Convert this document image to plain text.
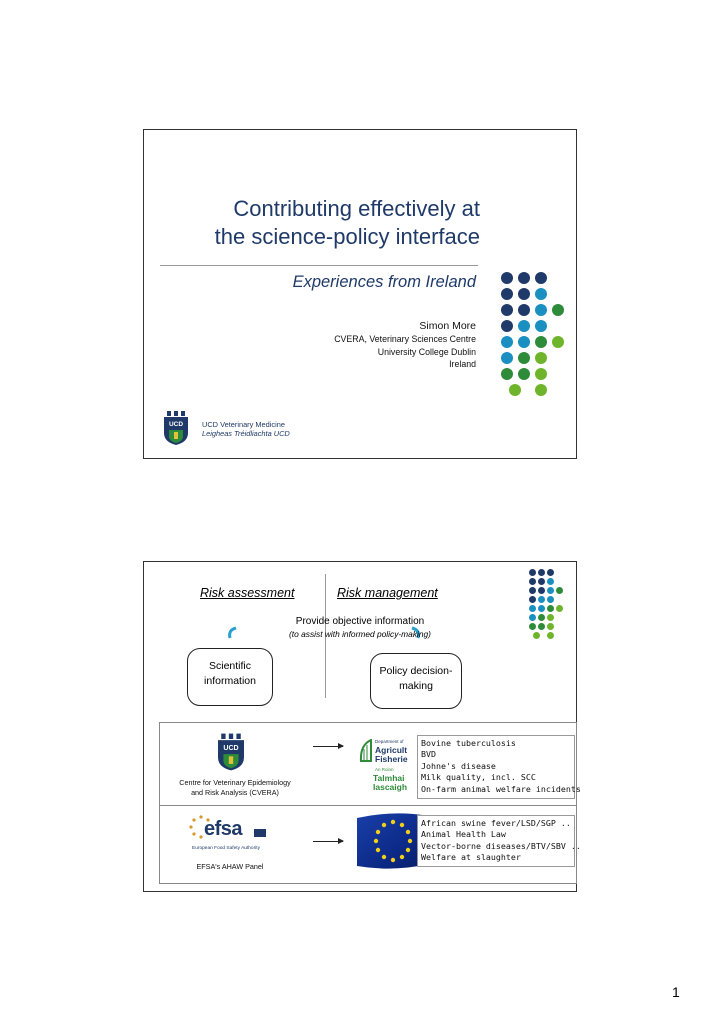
Contributing effectively at
the science-policy interface
Experiences from Ireland
Simon More
CVERA, Veterinary Sciences Centre
University College Dublin
Ireland
UCD	UCD Veterinary Medicine
Leigheas Tréidliachta UCD
Risk assessment	Risk management
Provide objective information
(to assist with informed policy-making)
Scientific
information
Policy decision-
making
UCD
Centre for Veterinary Epidemiology
and Risk Analysis (CVERA)
Department of
Agricult
Fisherie
An Roinn
Talmhai
Iascaigh
Bovine tuberculosis
BVD
Johne's disease
Milk quality, incl. SCC
On-farm animal welfare incidents
efsa
European Food Safety Authority
EFSA's AHAW Panel
African swine fever/LSD/SGP ..
Animal Health Law
Vector-borne diseases/BTV/SBV ..
Welfare at slaughter
1
